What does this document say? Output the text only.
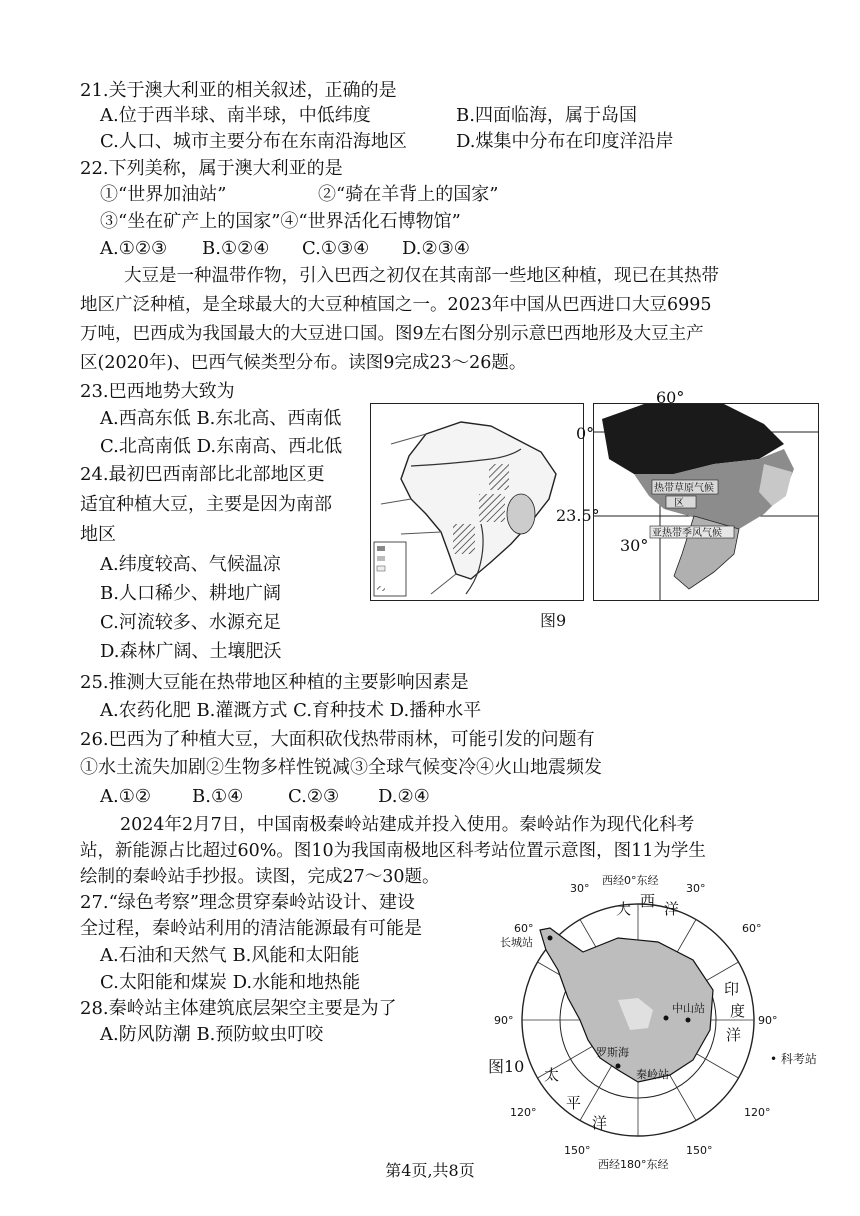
21.关于澳大利亚的相关叙述，正确的是
A.位于西半球、南半球，中低纬度	B.四面临海，属于岛国
C.人口、城市主要分布在东南沿海地区	D.煤集中分布在印度洋沿岸
22.下列美称，属于澳大利亚的是
①“世界加油站”	②“骑在羊背上的国家”
③“坐在矿产上的国家”④“世界活化石博物馆”
A.①②③ B.①②④ C.①③④ D.②③④
大豆是一种温带作物，引入巴西之初仅在其南部一些地区种植，现已在其热带
地区广泛种植，是全球最大的大豆种植国之一。2023年中国从巴西进口大豆6995
万吨，巴西成为我国最大的大豆进口国。图9左右图分别示意巴西地形及大豆主产
区(2020年)、巴西气候类型分布。读图9完成23～26题。
23.巴西地势大致为
A.西高东低 B.东北高、西南低
C.北高南低 D.东南高、西北低
24.最初巴西南部比北部地区更
适宜种植大豆，主要是因为南部
地区
A.纬度较高、气候温凉
B.人口稀少、耕地广阔
C.河流较多、水源充足
D.森林广阔、土壤肥沃
热带草原气候
区
亚热带季风气候
60°
0°
23.5°
30°
图9
25.推测大豆能在热带地区种植的主要影响因素是
A.农药化肥 B.灌溉方式 C.育种技术 D.播种水平
26.巴西为了种植大豆，大面积砍伐热带雨林，可能引发的问题有
①水土流失加剧②生物多样性锐减③全球气候变冷④火山地震频发
A.①② B.①④ C.②③ D.②④
2024年2月7日，中国南极秦岭站建成并投入使用。秦岭站作为现代化科考
站，新能源占比超过60%。图10为我国南极地区科考站位置示意图，图11为学生
绘制的秦岭站手抄报。读图，完成27～30题。
27.“绿色考察”理念贯穿秦岭站设计、建设
全过程，秦岭站利用的清洁能源最有可能是
A.石油和天然气 B.风能和太阳能
C.太阳能和煤炭 D.水能和地热能
28.秦岭站主体建筑底层架空主要是为了
A.防风防潮 B.预防蚊虫叮咬
长城站
中山站
秦岭站
罗斯海
西经0°东经
西经180°东经
大 西 洋
太
平
洋
印
度
洋
30°	30°
60°	60°
90°	90°
120°	120°
150°	150°
图10	• 科考站
第4页,共8页
